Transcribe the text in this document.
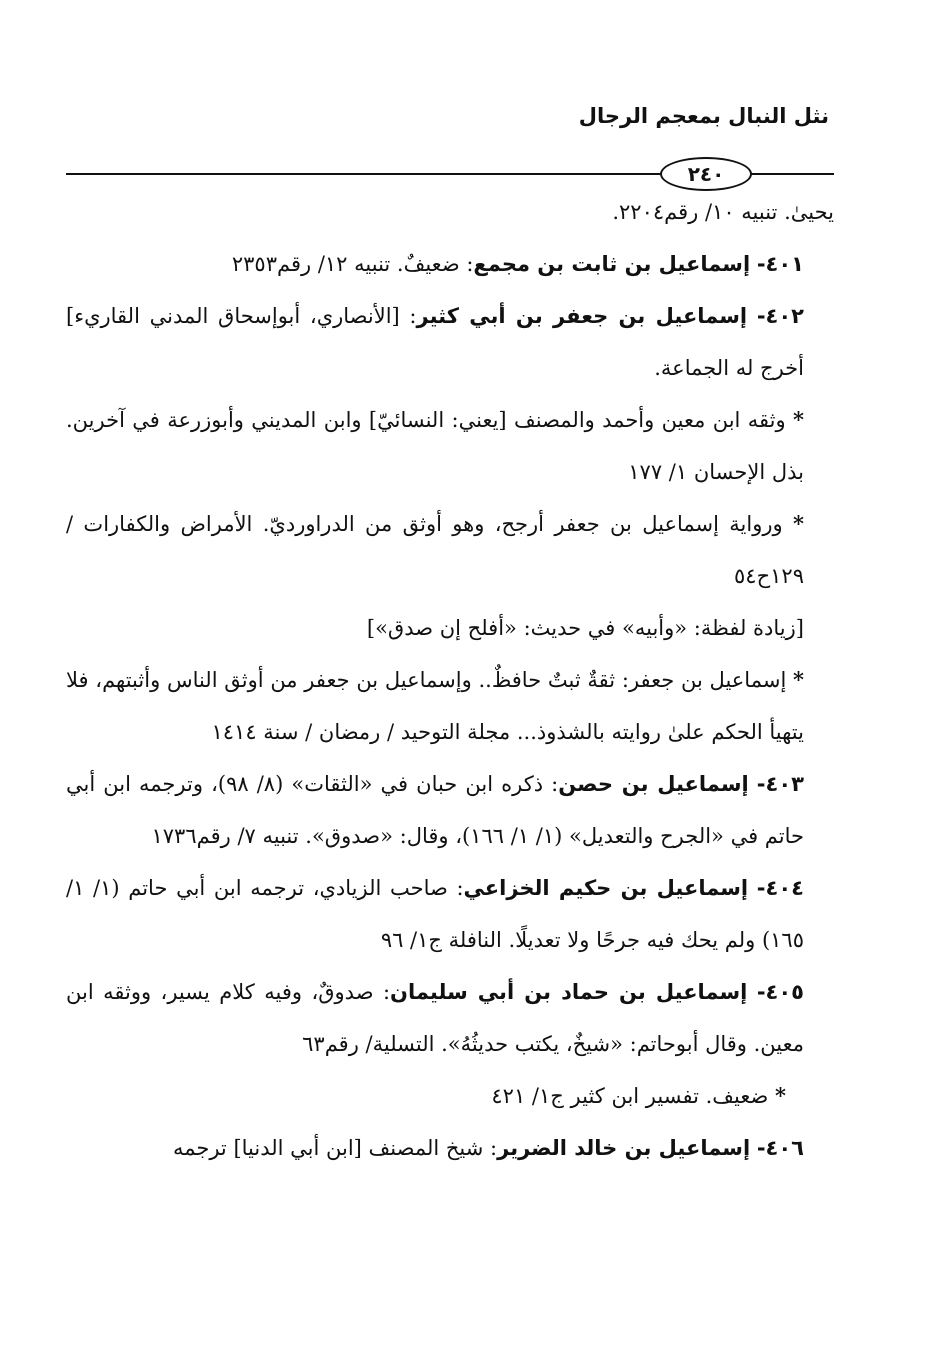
نثل النبال بمعجم الرجال
٢٤٠

يحيىٰ. تنبيه ١٠/ رقم٢٢٠٤.

٤٠١- إسماعيل بن ثابت بن مجمع: ضعيفٌ. تنبيه ١٢/ رقم٢٣٥٣

٤٠٢- إسماعيل بن جعفر بن أبي كثير: [الأنصاري، أبوإسحاق المدني القاريء] أخرج له الجماعة.

* وثقه ابن معين وأحمد والمصنف [يعني: النسائيّ] وابن المديني وأبوزرعة في آخرين. بذل الإحسان ١/ ١٧٧

* ورواية إسماعيل بن جعفر أرجح، وهو أوثق من الدراورديّ. الأمراض والكفارات / ١٢٩ح٥٤

[زيادة لفظة: «وأبيه» في حديث: «أفلح إن صدق»]

* إسماعيل بن جعفر: ثقةٌ ثبتٌ حافظٌ.. وإسماعيل بن جعفر من أوثق الناس وأثبتهم، فلا يتهيأ الحكم علىٰ روايته بالشذوذ... مجلة التوحيد / رمضان / سنة ١٤١٤

٤٠٣- إسماعيل بن حصن: ذكره ابن حبان في «الثقات» (٨/ ٩٨)، وترجمه ابن أبي حاتم في «الجرح والتعديل» (١/ ١/ ١٦٦)، وقال: «صدوق». تنبيه ٧/ رقم١٧٣٦

٤٠٤- إسماعيل بن حكيم الخزاعي: صاحب الزيادي، ترجمه ابن أبي حاتم (١/ ١/ ١٦٥) ولم يحك فيه جرحًا ولا تعديلًا. النافلة ج١/ ٩٦

٤٠٥- إسماعيل بن حماد بن أبي سليمان: صدوقٌ، وفيه كلام يسير، ووثقه ابن معين. وقال أبوحاتم: «شيخٌ، يكتب حديثُهُ». التسلية/ رقم٦٣

* ضعيف. تفسير ابن كثير ج١/ ٤٢١

٤٠٦- إسماعيل بن خالد الضرير: شيخ المصنف [ابن أبي الدنيا] ترجمه
